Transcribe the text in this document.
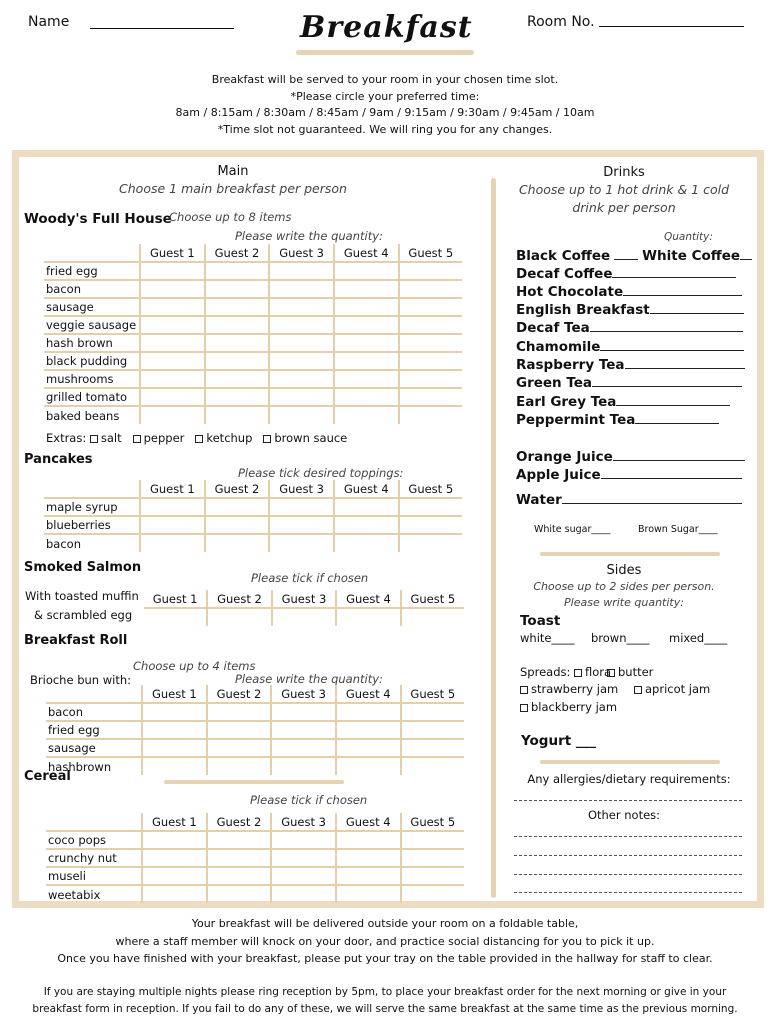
Name	Breakfast	Room No.
Breakfast will be served to your room in your chosen time slot.
*Please circle your preferred time:
8am / 8:15am / 8:30am / 8:45am / 9am / 9:15am / 9:30am / 9:45am / 10am
*Time slot not guaranteed. We will ring you for any changes.
Main
Choose 1 main breakfast per person
Woody's Full House
Choose up to 8 items
Please write the quantity:
	Guest 1	Guest 2	Guest 3	Guest 4	Guest 5
fried egg					
bacon					
sausage					
veggie sausage					
hash brown					
black pudding					
mushrooms					
grilled tomato					
baked beans					
Extras: salt pepper ketchup brown sauce
Pancakes
Please tick desired toppings:
	Guest 1	Guest 2	Guest 3	Guest 4	Guest 5
maple syrup					
blueberries					
bacon					
Smoked Salmon
Please tick if chosen
With toasted muffin
& scrambled egg
Guest 1	Guest 2	Guest 3	Guest 4	Guest 5

Breakfast Roll
Choose up to 4 items
Brioche bun with:	Please write the quantity:
	Guest 1	Guest 2	Guest 3	Guest 4	Guest 5
bacon					
fried egg					
sausage					
hashbrown					
Cereal
Please tick if chosen
	Guest 1	Guest 2	Guest 3	Guest 4	Guest 5
coco pops					
crunchy nut					
museli					
weetabix					
Drinks
Choose up to 1 hot drink & 1 cold
drink per person
Quantity:
Black Coffee White Coffee
Decaf Coffee
Hot Chocolate
English Breakfast
Decaf Tea
Chamomile
Raspberry Tea
Green Tea
Earl Grey Tea
Peppermint Tea
Orange Juice
Apple Juice
Water
White sugar____	Brown Sugar____
Sides
Choose up to 2 sides per person.
Please write quantity:
Toast
white____ brown____ mixed____
Spreads: flora butter
strawberry jam	apricot jam
blackberry jam
Yogurt ___
Any allergies/dietary requirements:
Other notes:
Your breakfast will be delivered outside your room on a foldable table,
where a staff member will knock on your door, and practice social distancing for you to pick it up.
Once you have finished with your breakfast, please put your tray on the table provided in the hallway for staff to clear.
If you are staying multiple nights please ring reception by 5pm, to place your breakfast order for the next morning or give in your
breakfast form in reception. If you fail to do any of these, we will serve the same breakfast at the same time as the previous morning.
